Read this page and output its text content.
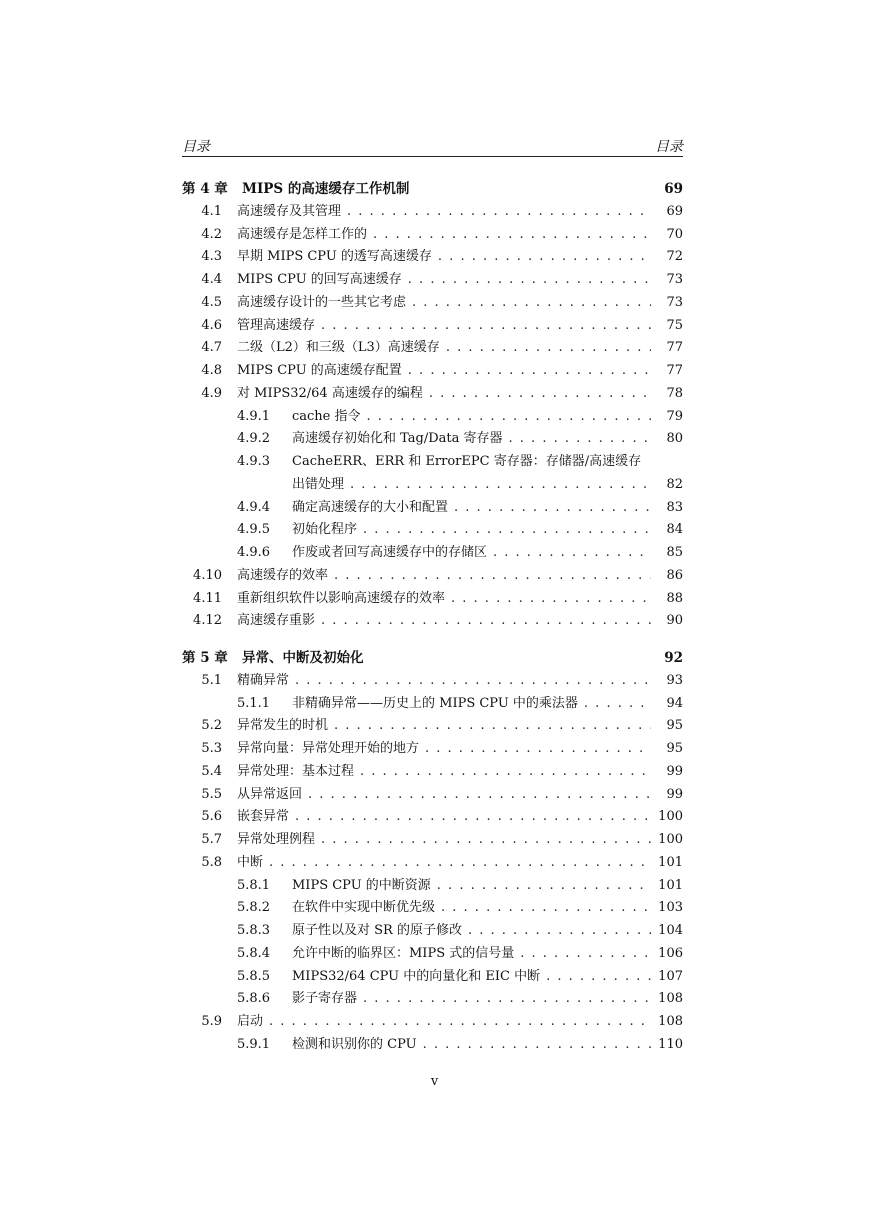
目录	目录
第 4 章	MIPS 的高速缓存工作机制	69
4.1 高速缓存及其管理 . . .	69
4.2 高速缓存是怎样工作的 . . .	70
4.3 早期 MIPS CPU 的透写高速缓存 . . .	72
4.4 MIPS CPU 的回写高速缓存 . . .	73
4.5 高速缓存设计的一些其它考虑 . . .	73
4.6 管理高速缓存 . . .	75
4.7 二级（L2）和三级（L3）高速缓存 . . .	77
4.8 MIPS CPU 的高速缓存配置 . . .	77
4.9 对 MIPS32/64 高速缓存的编程 . . .	78
4.9.1	cache 指令 . . .	79
4.9.2	高速缓存初始化和 Tag/Data 寄存器 . . .	80
4.9.3	CacheERR、ERR 和 ErrorEPC 寄存器：存储器/高速缓存
出错处理 . . .	82
4.9.4	确定高速缓存的大小和配置 . . .	83
4.9.5	初始化程序 . . .	84
4.9.6	作废或者回写高速缓存中的存储区 . . .	85
4.10 高速缓存的效率 . . .	86
4.11 重新组织软件以影响高速缓存的效率 . . .	88
4.12 高速缓存重影 . . .	90
第 5 章	异常、中断及初始化	92
5.1 精确异常 . . .	93
5.1.1	非精确异常——历史上的 MIPS CPU 中的乘法器 . . .	94
5.2 异常发生的时机 . . .	95
5.3 异常向量：异常处理开始的地方 . . .	95
5.4 异常处理：基本过程 . . .	99
5.5 从异常返回 . . .	99
5.6 嵌套异常 . . .	100
5.7 异常处理例程 . . .	100
5.8 中断 . . .	101
5.8.1	MIPS CPU 的中断资源 . . .	101
5.8.2	在软件中实现中断优先级 . . .	103
5.8.3	原子性以及对 SR 的原子修改 . . .	104
5.8.4	允许中断的临界区：MIPS 式的信号量 . . .	106
5.8.5	MIPS32/64 CPU 中的向量化和 EIC 中断 . . .	107
5.8.6	影子寄存器 . . .	108
5.9 启动 . . .	108
5.9.1	检测和识别你的 CPU . . .	110
v
